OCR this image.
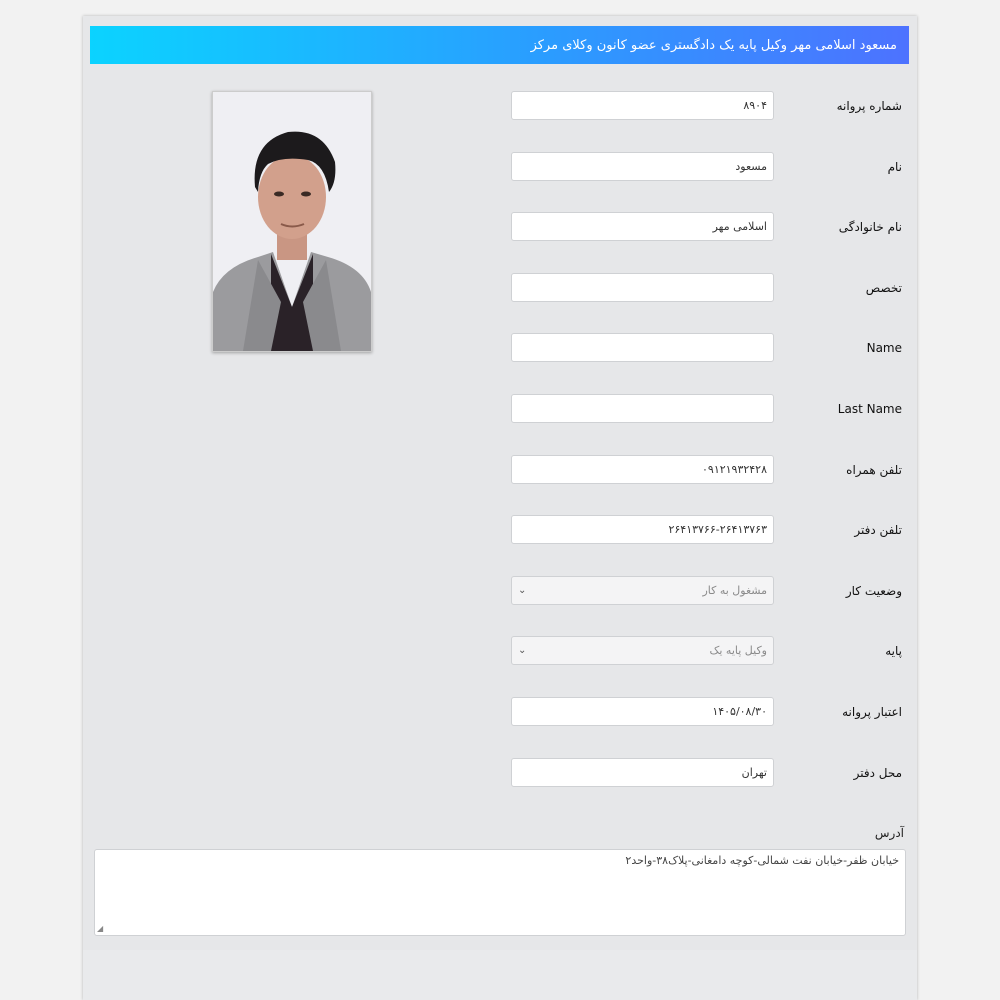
مسعود اسلامی مهر وکیل پایه یک دادگستری عضو کانون وکلای مرکز
شماره پروانه
۸۹۰۴
نام
مسعود
نام خانوادگی
اسلامی مهر
تخصص
Name
Last Name
تلفن همراه
۰۹۱۲۱۹۳۲۴۲۸
تلفن دفتر
۲۶۴۱۳۷۶۶-۲۶۴۱۳۷۶۳
وضعیت کار
مشغول به کار
⌄
پایه
وکیل پایه یک
⌄
اعتبار پروانه
۱۴۰۵/۰۸/۳۰
محل دفتر
تهران
آدرس
خیابان ظفر-خیابان نفت شمالی-کوچه دامغانی-پلاک۳۸-واحد۲
◢
